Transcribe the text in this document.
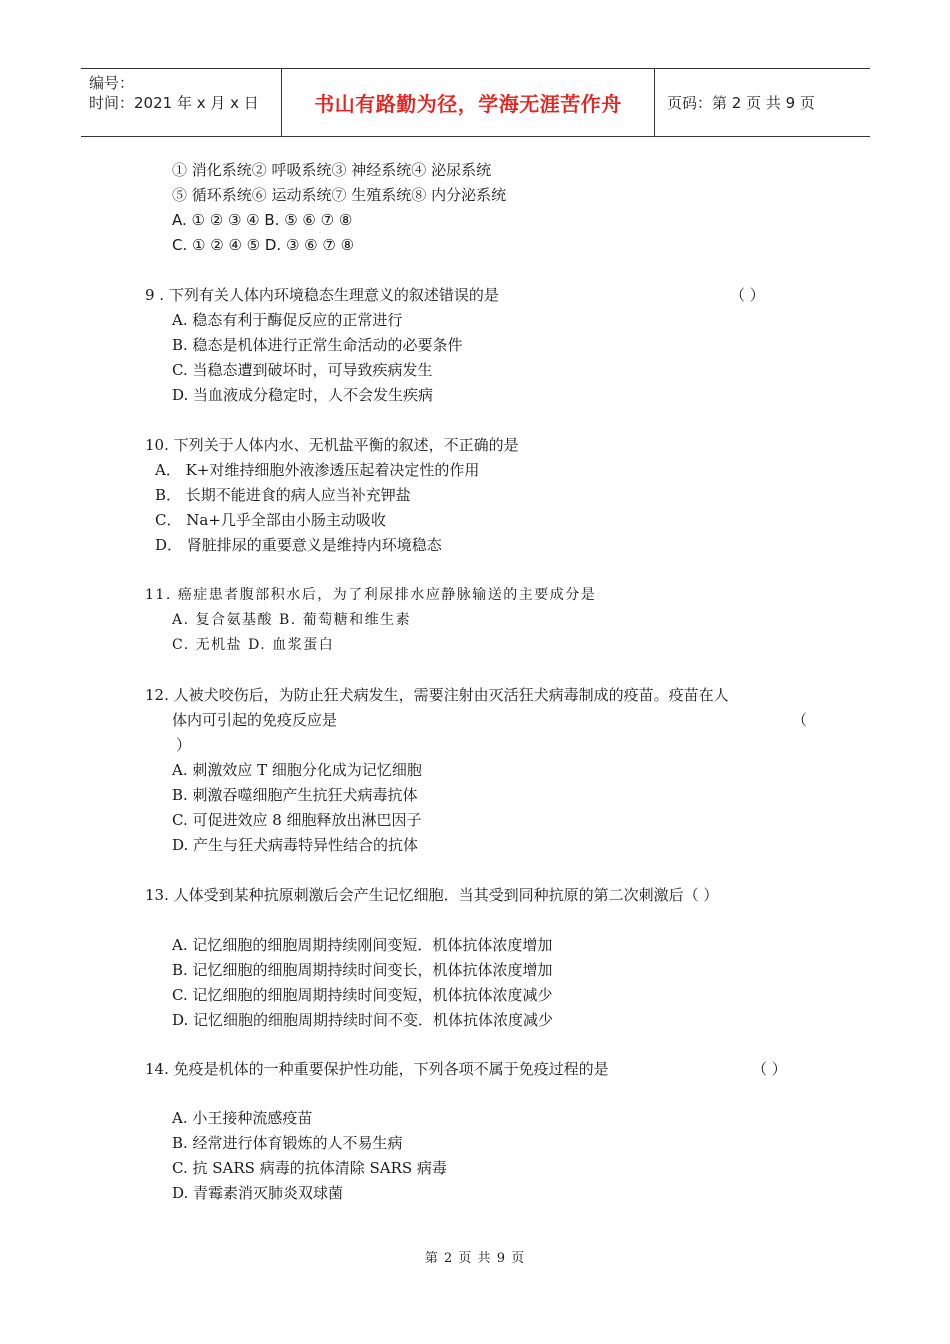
编号：
时间：2021 年 x 月 x 日	书山有路勤为径，学海无涯苦作舟	页码：第 2 页 共 9 页
① 消化系统② 呼吸系统③ 神经系统④ 泌尿系统
⑤ 循环系统⑥ 运动系统⑦ 生殖系统⑧ 内分泌系统
A. ① ② ③ ④ B. ⑤ ⑥ ⑦ ⑧
C. ① ② ④ ⑤ D. ③ ⑥ ⑦ ⑧
9 . 下列有关人体内环境稳态生理意义的叙述错误的是	（ ）
A. 稳态有利于酶促反应的正常进行
B. 稳态是机体进行正常生命活动的必要条件
C. 当稳态遭到破坏时，可导致疾病发生
D. 当血液成分稳定时，人不会发生疾病
10. 下列关于人体内水、无机盐平衡的叙述，不正确的是
A． K+对维持细胞外液渗透压起着决定性的作用
B． 长期不能进食的病人应当补充钾盐
C． Na+几乎全部由小肠主动吸收
D． 肾脏排尿的重要意义是维持内环境稳态
11. 癌症患者腹部积水后，为了利尿排水应静脉输送的主要成分是
A. 复合氨基酸 B. 葡萄糖和维生素
C. 无机盐 D. 血浆蛋白
12. 人被犬咬伤后，为防止狂犬病发生，需要注射由灭活狂犬病毒制成的疫苗。疫苗在人
体内可引起的免疫反应是	（
）
A. 刺激效应 T 细胞分化成为记忆细胞
B. 刺激吞噬细胞产生抗狂犬病毒抗体
C. 可促进效应 8 细胞释放出淋巴因子
D. 产生与狂犬病毒特异性结合的抗体
13. 人体受到某种抗原刺激后会产生记忆细胞．当其受到同种抗原的第二次刺激后（ ）
A. 记忆细胞的细胞周期持续刚间变短．机体抗体浓度增加
B. 记忆细胞的细胞周期持续时间变长，机体抗体浓度增加
C. 记忆细胞的细胞周期持续时间变短，机体抗体浓度减少
D. 记忆细胞的细胞周期持续时间不变．机体抗体浓度减少
14. 免疫是机体的一种重要保护性功能，下列各项不属于免疫过程的是	（ ）
A. 小王接种流感疫苗
B. 经常进行体育锻炼的人不易生病
C. 抗 SARS 病毒的抗体清除 SARS 病毒
D. 青霉素消灭肺炎双球菌
第 2 页 共 9 页
